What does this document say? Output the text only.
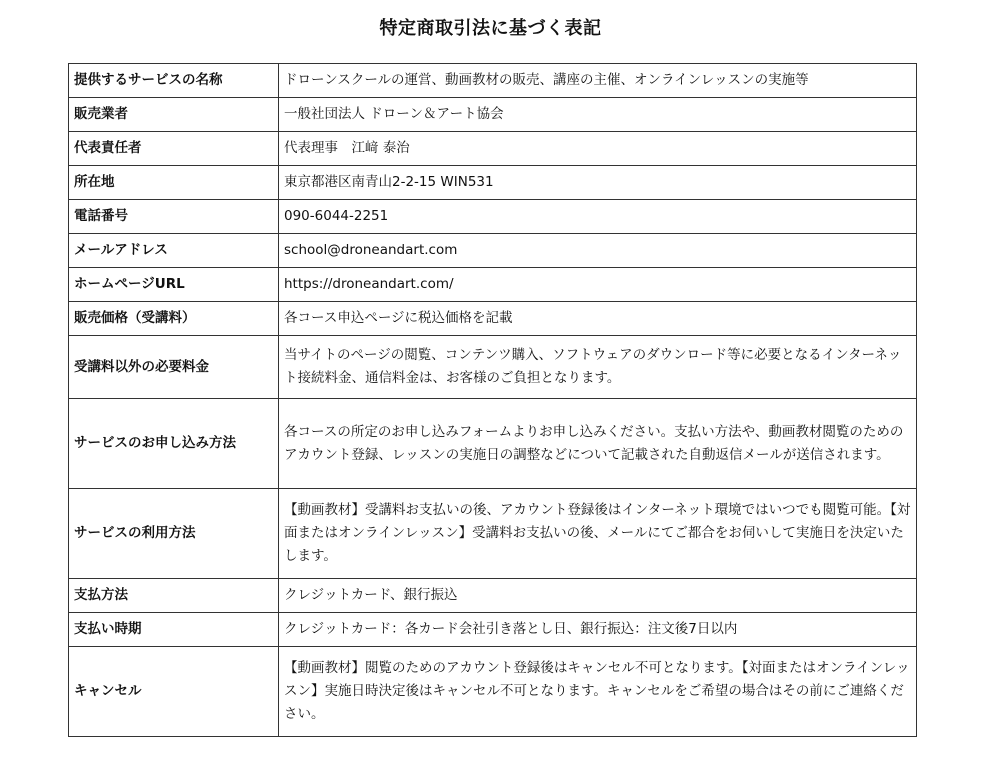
特定商取引法に基づく表記
提供するサービスの名称	ドローンスクールの運営、動画教材の販売、講座の主催、オンラインレッスンの実施等
販売業者	一般社団法人 ドローン＆アート協会
代表責任者	代表理事　江﨑 泰治
所在地	東京都港区南青山2-2-15 WIN531
電話番号	090-6044-2251
メールアドレス	school@droneandart.com
ホームページURL	https://droneandart.com/
販売価格（受講料）	各コース申込ページに税込価格を記載
受講料以外の必要料金	当サイトのページの閲覧、コンテンツ購入、ソフトウェアのダウンロード等に必要となるインターネット接続料金、通信料金は、お客様のご負担となります。
サービスのお申し込み方法	各コースの所定のお申し込みフォームよりお申し込みください。支払い方法や、動画教材閲覧のためのアカウント登録、レッスンの実施日の調整などについて記載された自動返信メールが送信されます。
サービスの利用方法	【動画教材】受講料お支払いの後、アカウント登録後はインターネット環境ではいつでも閲覧可能。【対面またはオンラインレッスン】受講料お支払いの後、メールにてご都合をお伺いして実施日を決定いたします。
支払方法	クレジットカード、銀行振込
支払い時期	クレジットカード：各カード会社引き落とし日、銀行振込：注文後7日以内
キャンセル	【動画教材】閲覧のためのアカウント登録後はキャンセル不可となります。【対面またはオンラインレッスン】実施日時決定後はキャンセル不可となります。キャンセルをご希望の場合はその前にご連絡ください。
